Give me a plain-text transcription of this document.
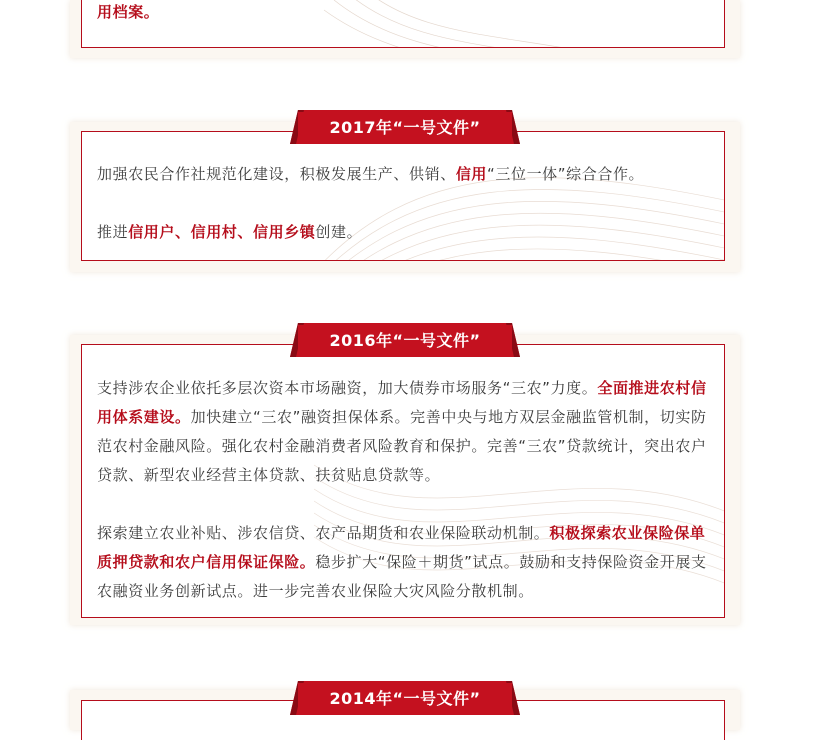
用档案。

加强农民合作社规范化建设，积极发展生产、供销、信用“三位一体”综合合作。

推进信用户、信用村、信用乡镇创建。

2017年“一号文件”

支持涉农企业依托多层次资本市场融资，加大债券市场服务“三农”力度。全面推进农村信用体系建设。加快建立“三农”融资担保体系。完善中央与地方双层金融监管机制，切实防范农村金融风险。强化农村金融消费者风险教育和保护。完善“三农”贷款统计，突出农户贷款、新型农业经营主体贷款、扶贫贴息贷款等。

探索建立农业补贴、涉农信贷、农产品期货和农业保险联动机制。积极探索农业保险保单质押贷款和农户信用保证保险。稳步扩大“保险＋期货”试点。鼓励和支持保险资金开展支农融资业务创新试点。进一步完善农业保险大灾风险分散机制。

2016年“一号文件”
2014年“一号文件”
